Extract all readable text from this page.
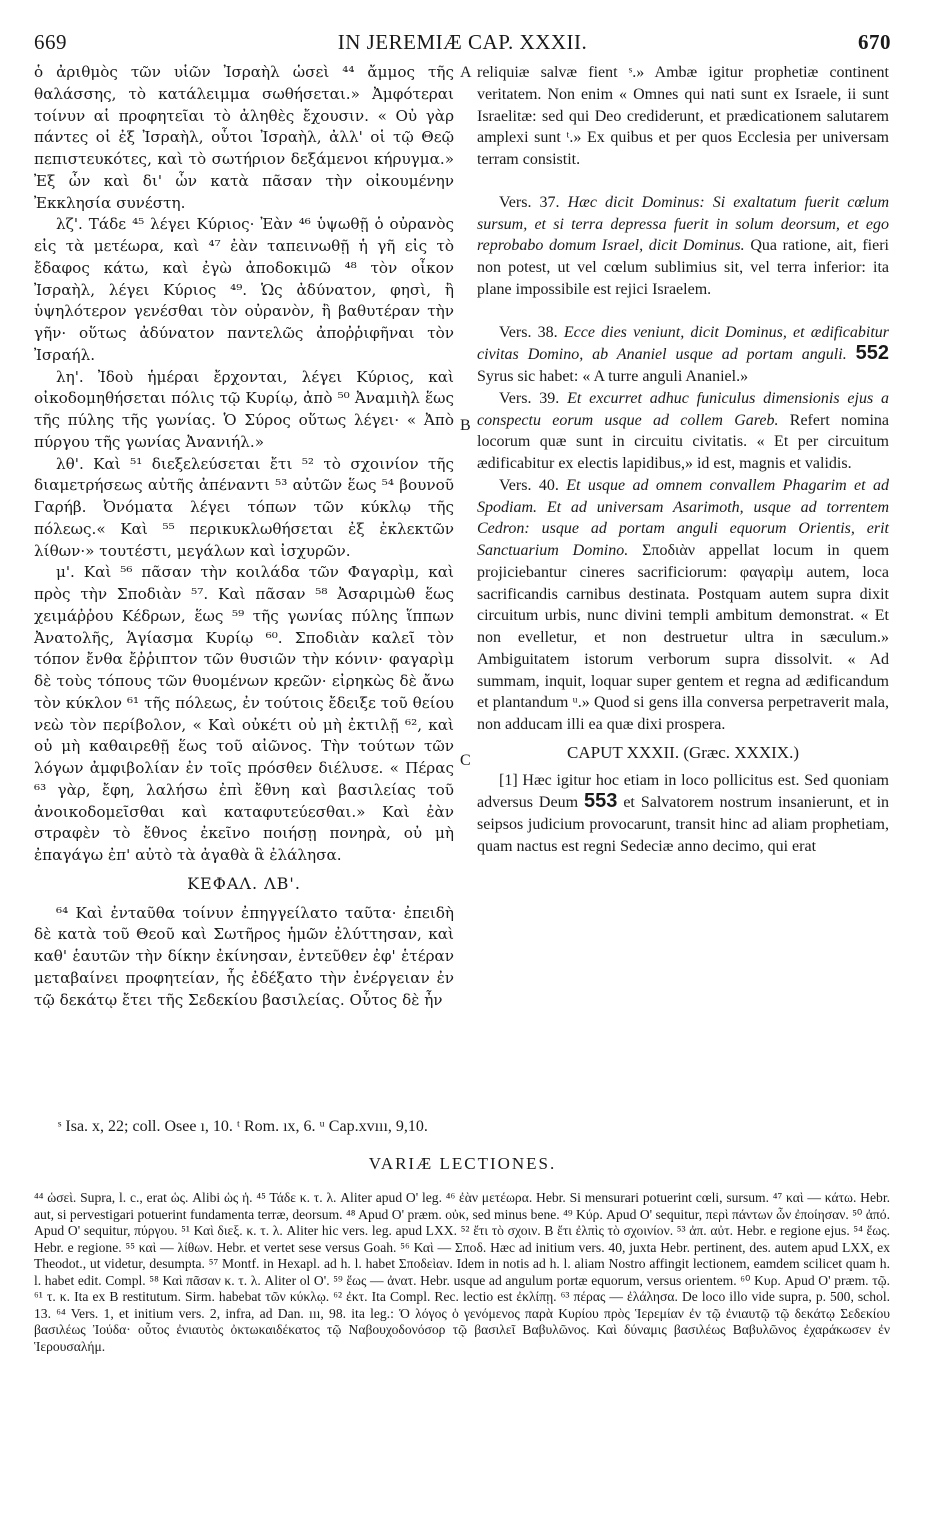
669	IN JEREMIÆ CAP. XXXII.	670

ὁ ἀριθμὸς τῶν υἱῶν Ἰσραὴλ ὡσεὶ ⁴⁴ ἄμμος τῆς θαλάσσης, τὸ κατάλειμμα σωθήσεται.» Ἀμφότεραι τοίνυν αἱ προφητεῖαι τὸ ἀληθὲς ἔχουσιν. « Οὐ γὰρ πάντες οἱ ἐξ Ἰσραὴλ, οὗτοι Ἰσραὴλ, ἀλλ' οἱ τῷ Θεῷ πεπιστευκότες, καὶ τὸ σωτήριον δεξάμενοι κήρυγμα.» Ἐξ ὧν καὶ δι' ὧν κατὰ πᾶσαν τὴν οἰκουμένην Ἐκκλησία συνέστη.

λζ'. Τάδε ⁴⁵ λέγει Κύριος· Ἐὰν ⁴⁶ ὑψωθῇ ὁ οὐρανὸς εἰς τὰ μετέωρα, καὶ ⁴⁷ ἐὰν ταπεινωθῇ ἡ γῆ εἰς τὸ ἔδαφος κάτω, καὶ ἐγὼ ἀποδοκιμῶ ⁴⁸ τὸν οἶκον Ἰσραὴλ, λέγει Κύριος ⁴⁹. Ὡς ἀδύνατον, φησὶ, ἢ ὑψηλότερον γενέσθαι τὸν οὐρανὸν, ἢ βαθυτέραν τὴν γῆν· οὕτως ἀδύνατον παντελῶς ἀποῤῥιφῆναι τὸν Ἰσραήλ.

λη'. Ἰδοὺ ἡμέραι ἔρχονται, λέγει Κύριος, καὶ οἰκοδομηθήσεται πόλις τῷ Κυρίῳ, ἀπὸ ⁵⁰ Ἀναμιὴλ ἕως τῆς πύλης τῆς γωνίας. Ὁ Σύρος οὕτως λέγει· « Ἀπὸ πύργου τῆς γωνίας Ἀνανιήλ.»

λθ'. Καὶ ⁵¹ διεξελεύσεται ἔτι ⁵² τὸ σχοινίον τῆς διαμετρήσεως αὐτῆς ἀπέναντι ⁵³ αὐτῶν ἕως ⁵⁴ βουνοῦ Γαρήβ. Ὀνόματα λέγει τόπων τῶν κύκλῳ τῆς πόλεως.« Καὶ ⁵⁵ περικυκλωθήσεται ἐξ ἐκλεκτῶν λίθων·» τουτέστι, μεγάλων καὶ ἰσχυρῶν.

μ'. Καὶ ⁵⁶ πᾶσαν τὴν κοιλάδα τῶν Φαγαρὶμ, καὶ πρὸς τὴν Σποδιὰν ⁵⁷. Καὶ πᾶσαν ⁵⁸ Ἀσαριμὼθ ἕως χειμάῤῥου Κέδρων, ἕως ⁵⁹ τῆς γωνίας πύλης ἵππων Ἀνατολῆς, Ἁγίασμα Κυρίῳ ⁶⁰. Σποδιὰν καλεῖ τὸν τόπον ἔνθα ἔῤῥιπτον τῶν θυσιῶν τὴν κόνιν· φαγαρὶμ δὲ τοὺς τόπους τῶν θυομένων κρεῶν· εἰρηκὼς δὲ ἄνω τὸν κύκλον ⁶¹ τῆς πόλεως, ἐν τούτοις ἔδειξε τοῦ θείου νεὼ τὸν περίβολον, « Καὶ οὐκέτι οὐ μὴ ἐκτιλῇ ⁶², καὶ οὐ μὴ καθαιρεθῇ ἕως τοῦ αἰῶνος. Τὴν τούτων τῶν λόγων ἀμφιβολίαν ἐν τοῖς πρόσθεν διέλυσε. « Πέρας ⁶³ γὰρ, ἔφη, λαλήσω ἐπὶ ἔθνη καὶ βασιλείας τοῦ ἀνοικοδομεῖσθαι καὶ καταφυτεύεσθαι.» Καὶ ἐὰν στραφὲν τὸ ἔθνος ἐκεῖνο ποιήσῃ πονηρὰ, οὐ μὴ ἐπαγάγω ἐπ' αὐτὸ τὰ ἀγαθὰ ἃ ἐλάλησα.

ΚΕΦΑΛ. ΛΒ'.

⁶⁴ Καὶ ἐνταῦθα τοίνυν ἐπηγγείλατο ταῦτα· ἐπειδὴ δὲ κατὰ τοῦ Θεοῦ καὶ Σωτῆρος ἡμῶν ἐλύττησαν, καὶ καθ' ἑαυτῶν τὴν δίκην ἐκίνησαν, ἐντεῦθεν ἐφ' ἑτέραν μεταβαίνει προφητείαν, ἧς ἐδέξατο τὴν ἐνέργειαν ἐν τῷ δεκάτῳ ἔτει τῆς Σεδεκίου βασιλείας. Οὗτος δὲ ἦν

A
B
C

reliquiæ salvæ fient ˢ.» Ambæ igitur prophetiæ continent veritatem. Non enim « Omnes qui nati sunt ex Israele, ii sunt Israelitæ: sed qui Deo crediderunt, et prædicationem salutarem amplexi sunt ᵗ.» Ex quibus et per quos Ecclesia per universam terram consistit.

Vers. 37. Hæc dicit Dominus: Si exaltatum fuerit cœlum sursum, et si terra depressa fuerit in solum deorsum, et ego reprobabo domum Israel, dicit Dominus. Qua ratione, ait, fieri non potest, ut vel cœlum sublimius sit, vel terra inferior: ita plane impossibile est rejici Israelem.

Vers. 38. Ecce dies veniunt, dicit Dominus, et ædificabitur civitas Domino, ab Ananiel usque ad portam anguli. 552 Syrus sic habet: « A turre anguli Ananiel.»

Vers. 39. Et excurret adhuc funiculus dimensionis ejus a conspectu eorum usque ad collem Gareb. Refert nomina locorum quæ sunt in circuitu civitatis. « Et per circuitum ædificabitur ex electis lapidibus,» id est, magnis et validis.

Vers. 40. Et usque ad omnem convallem Phagarim et ad Spodiam. Et ad universam Asarimoth, usque ad torrentem Cedron: usque ad portam anguli equorum Orientis, erit Sanctuarium Domino. Σποδιὰν appellat locum in quem projiciebantur cineres sacrificiorum: φαγαρὶμ autem, loca sacrificandis carnibus destinata. Postquam autem supra dixit circuitum urbis, nunc divini templi ambitum demonstrat. « Et non evelletur, et non destruetur ultra in sæculum.» Ambiguitatem istorum verborum supra dissolvit. « Ad summam, inquit, loquar super gentem et regna ad ædificandum et plantandum ᵘ.» Quod si gens illa conversa perpetraverit mala, non adducam illi ea quæ dixi prospera.

CAPUT XXXII. (Græc. XXXIX.)

[1] Hæc igitur hoc etiam in loco pollicitus est. Sed quoniam adversus Deum 553 et Salvatorem nostrum insanierunt, et in seipsos judicium provocarunt, transit hinc ad aliam prophetiam, quam nactus est regni Sedeciæ anno decimo, qui erat

ˢ Isa. x, 22; coll. Osee ı, 10. ᵗ Rom. ıx, 6. ᵘ Cap.xvııı, 9,10.
VARIÆ LECTIONES.

⁴⁴ ὡσεὶ. Supra, l. c., erat ὡς. Alibi ὡς ἡ. ⁴⁵ Τάδε κ. τ. λ. Aliter apud O' leg. ⁴⁶ ἐὰν μετέωρα. Hebr. Si mensurari potuerint cœli, sursum. ⁴⁷ καὶ — κάτω. Hebr. aut, si pervestigari potuerint fundamenta terræ, deorsum. ⁴⁸ Apud O' præm. οὐκ, sed minus bene. ⁴⁹ Κύρ. Apud O' sequitur, περὶ πάντων ὧν ἐποίησαν. ⁵⁰ ἀπό. Apud O' sequitur, πύργου. ⁵¹ Καὶ διεξ. κ. τ. λ. Aliter hic vers. leg. apud LXX. ⁵² ἔτι τὸ σχοιν. B ἔτι ἐλπὶς τὸ σχοινίον. ⁵³ ἀπ. αὐτ. Hebr. e regione ejus. ⁵⁴ ἕως. Hebr. e regione. ⁵⁵ καὶ — λίθων. Hebr. et vertet sese versus Goah. ⁵⁶ Καὶ — Σποδ. Hæc ad initium vers. 40, juxta Hebr. pertinent, des. autem apud LXX, ex Theodot., ut videtur, desumpta. ⁵⁷ Montf. in Hexapl. ad h. l. habet Σποδεὶαν. Idem in notis ad h. l. aliam Nostro affingit lectionem, eamdem scilicet quam h. l. habet edit. Compl. ⁵⁸ Καὶ πᾶσαν κ. τ. λ. Aliter ol O'. ⁵⁹ ἕως — ἀνατ. Hebr. usque ad angulum portæ equorum, versus orientem. ⁶⁰ Κυρ. Apud O' præm. τῷ. ⁶¹ τ. κ. Ita ex B restitutum. Sirm. habebat τῶν κύκλῳ. ⁶² ἐκτ. Ita Compl. Rec. lectio est ἐκλίπῃ. ⁶³ πέρας — ἐλάλησα. De loco illo vide supra, p. 500, schol. 13. ⁶⁴ Vers. 1, et initium vers. 2, infra, ad Dan. ııı, 98. ita leg.: Ὁ λόγος ὁ γενόμενος παρὰ Κυρίου πρὸς Ἱερεμίαν ἐν τῷ ἐνιαυτῷ τῷ δεκάτῳ Σεδεκίου βασιλέως Ἰούδα· οὗτος ἐνιαυτὸς ὀκτωκαιδέκατος τῷ Ναβουχοδονόσορ τῷ βασιλεῖ Βαβυλῶνος. Καὶ δύναμις βασιλέως Βαβυλῶνος ἐχαράκωσεν ἐν Ἱερουσαλήμ.
